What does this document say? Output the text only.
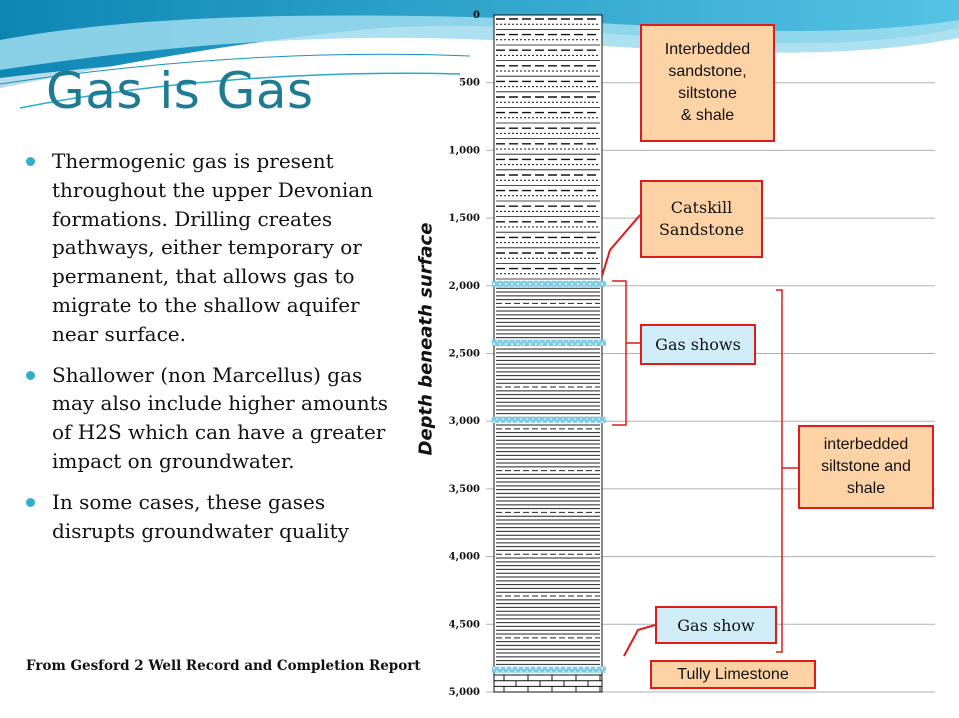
Gas is Gas
Thermogenic gas is present throughout the upper Devonian formations. Drilling creates pathways, either temporary or permanent, that allows gas to migrate to the shallow aquifer near surface.
Shallower (non Marcellus) gas may also include higher amounts of H2S which can have a greater impact on groundwater.
In some cases, these gases disrupts groundwater quality
From Gesford 2 Well Record and Completion Report
Depth beneath surface
0
500
1,000
1,500
2,000
2,500
3,000
3,500
4,000
4,500
5,000
Interbedded
sandstone,
siltstone
& shale
Catskill
Sandstone
Gas shows
interbedded
siltstone and
shale
Gas show
Tully Limestone
